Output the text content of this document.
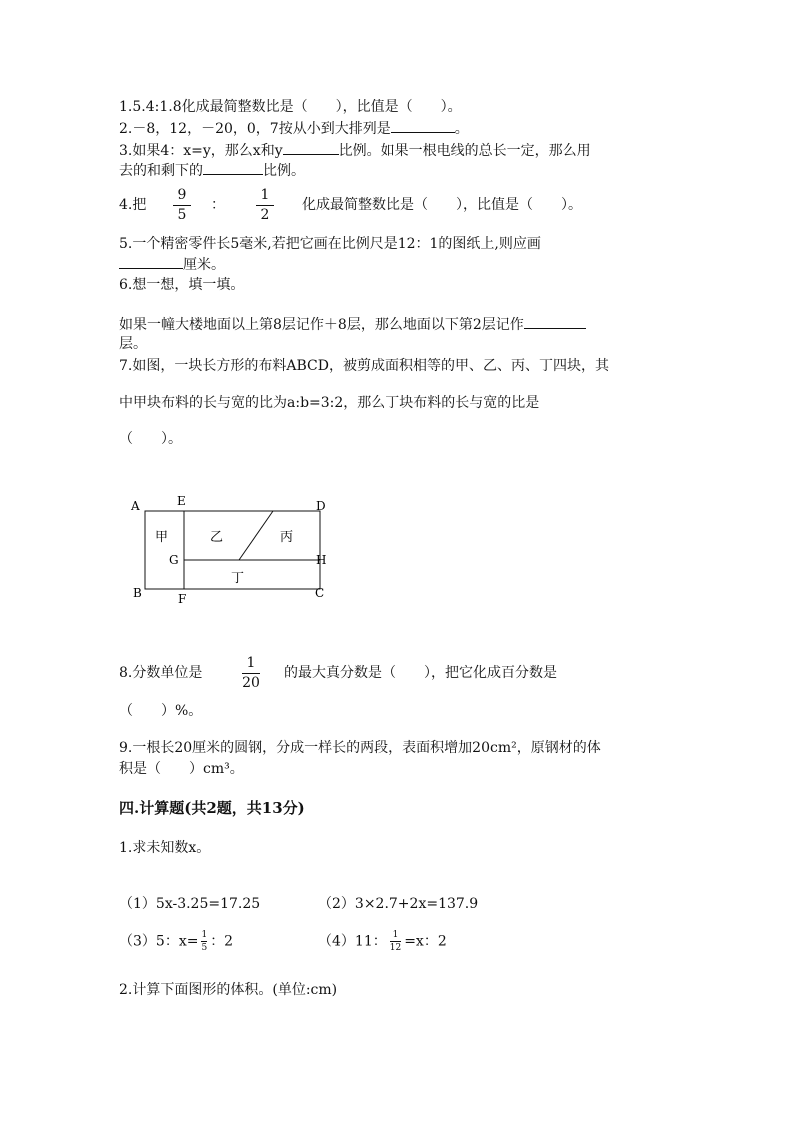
1.5.4:1.8化成最简整数比是（　　），比值是（　　）。
2.－8，12，－20，0，7按从小到大排列是	。
3.如果4：x=y，那么x和y	比例。如果一根电线的总长一定，那么用
去的和剩下的	比例。
4.把
9
5
：
1
2
化成最简整数比是（　　），比值是（　　）。
5.一个精密零件长5毫米,若把它画在比例尺是12：1的图纸上,则应画
厘米。
6.想一想，填一填。
如果一幢大楼地面以上第8层记作＋8层，那么地面以下第2层记作
层。
7.如图，一块长方形的布料ABCD，被剪成面积相等的甲、乙、丙、丁四块，其
中甲块布料的长与宽的比为a:b=3:2，那么丁块布料的长与宽的比是
（　　）。
A	E	D
G	H
B	F	C
甲	乙	丙
丁
8.分数单位是
1
20
的最大真分数是（　　），把它化成百分数是
（　　）%。
9.一根长20厘米的圆钢，分成一样长的两段，表面积增加20cm²，原钢材的体
积是（　　）cm³。
四.计算题(共2题，共13分)
1.求未知数x。
（1）5x-3.25=17.25	（2）3×2.7+2x=137.9
（3）5：$x= \frac{1}{5}$ ：2	（4）11： $\frac{1}{12} =x$：2
2.计算下面图形的体积。(单位:cm)
